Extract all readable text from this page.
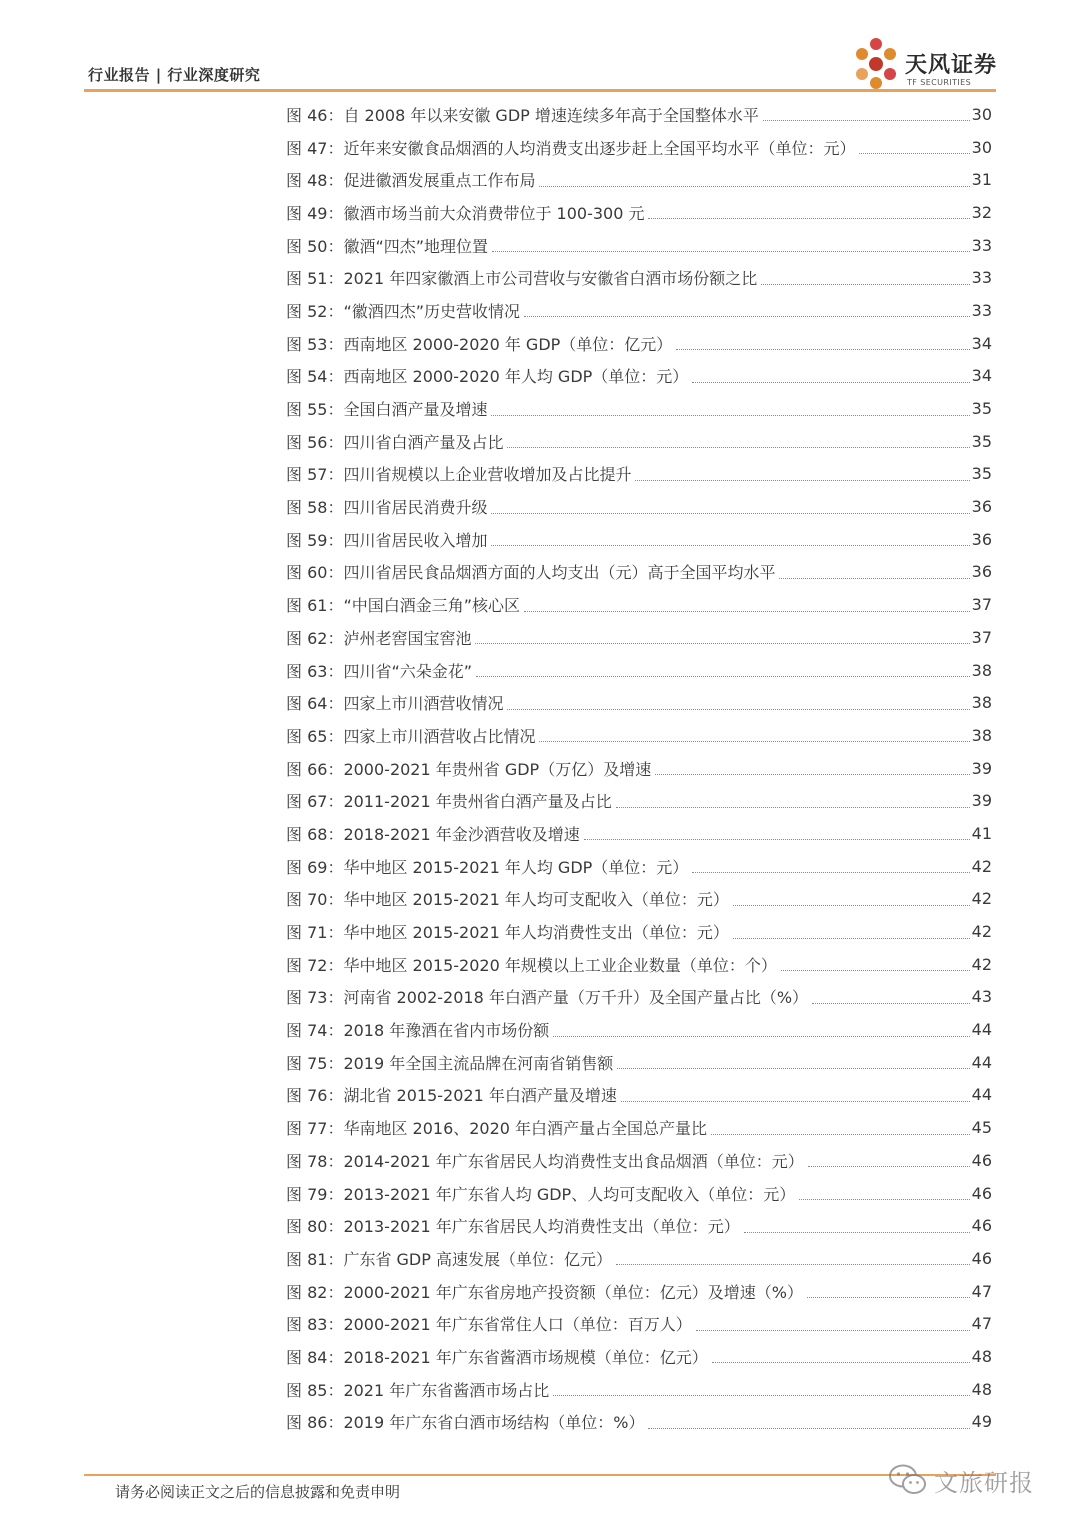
行业报告 | 行业深度研究	天风证券
TF SECURITIES
图 46：自 2008 年以来安徽 GDP 增速连续多年高于全国整体水平	30
图 47：近年来安徽食品烟酒的人均消费支出逐步赶上全国平均水平（单位：元）	30
图 48：促进徽酒发展重点工作布局	31
图 49：徽酒市场当前大众消费带位于 100-300 元	32
图 50：徽酒“四杰”地理位置	33
图 51：2021 年四家徽酒上市公司营收与安徽省白酒市场份额之比	33
图 52：“徽酒四杰”历史营收情况	33
图 53：西南地区 2000-2020 年 GDP（单位：亿元）	34
图 54：西南地区 2000-2020 年人均 GDP（单位：元）	34
图 55：全国白酒产量及增速	35
图 56：四川省白酒产量及占比	35
图 57：四川省规模以上企业营收增加及占比提升	35
图 58：四川省居民消费升级	36
图 59：四川省居民收入增加	36
图 60：四川省居民食品烟酒方面的人均支出（元）高于全国平均水平	36
图 61：“中国白酒金三角”核心区	37
图 62：泸州老窖国宝窖池	37
图 63：四川省“六朵金花”	38
图 64：四家上市川酒营收情况	38
图 65：四家上市川酒营收占比情况	38
图 66：2000-2021 年贵州省 GDP（万亿）及增速	39
图 67：2011-2021 年贵州省白酒产量及占比	39
图 68：2018-2021 年金沙酒营收及增速	41
图 69：华中地区 2015-2021 年人均 GDP（单位：元）	42
图 70：华中地区 2015-2021 年人均可支配收入（单位：元）	42
图 71：华中地区 2015-2021 年人均消费性支出（单位：元）	42
图 72：华中地区 2015-2020 年规模以上工业企业数量（单位：个）	42
图 73：河南省 2002-2018 年白酒产量（万千升）及全国产量占比（%）	43
图 74：2018 年豫酒在省内市场份额	44
图 75：2019 年全国主流品牌在河南省销售额	44
图 76：湖北省 2015-2021 年白酒产量及增速	44
图 77：华南地区 2016、2020 年白酒产量占全国总产量比	45
图 78：2014-2021 年广东省居民人均消费性支出食品烟酒（单位：元）	46
图 79：2013-2021 年广东省人均 GDP、人均可支配收入（单位：元）	46
图 80：2013-2021 年广东省居民人均消费性支出（单位：元）	46
图 81：广东省 GDP 高速发展（单位：亿元）	46
图 82：2000-2021 年广东省房地产投资额（单位：亿元）及增速（%）	47
图 83：2000-2021 年广东省常住人口（单位：百万人）	47
图 84：2018-2021 年广东省酱酒市场规模（单位：亿元）	48
图 85：2021 年广东省酱酒市场占比	48
图 86：2019 年广东省白酒市场结构（单位：%）	49
请务必阅读正文之后的信息披露和免责申明	文旅研报
